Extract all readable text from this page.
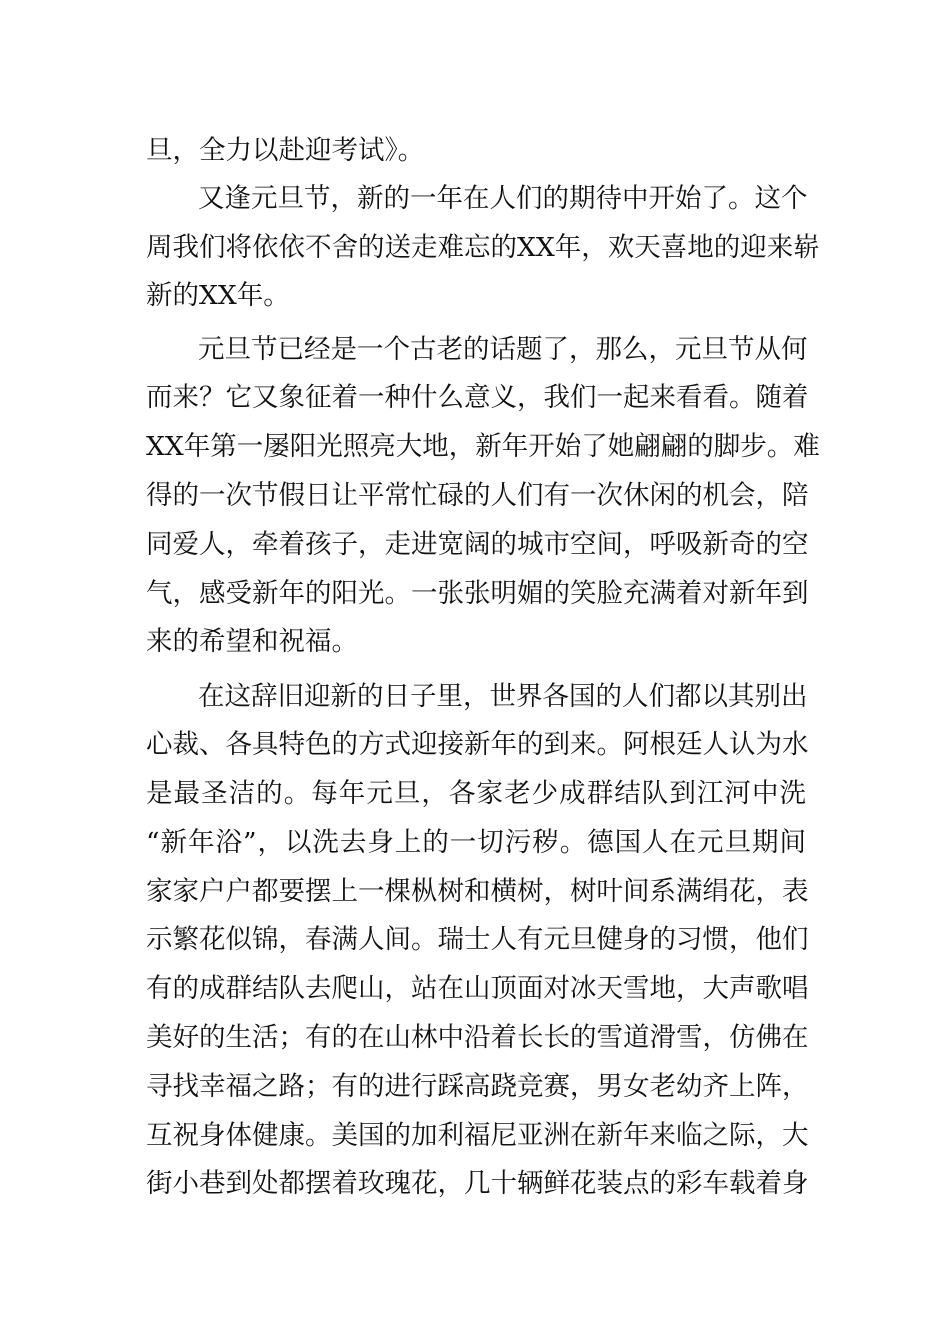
旦，全力以赴迎考试》。
又逢元旦节，新的一年在人们的期待中开始了。这个
周我们将依依不舍的送走难忘的XX年，欢天喜地的迎来崭
新的XX年。
元旦节已经是一个古老的话题了，那么，元旦节从何
而来？它又象征着一种什么意义，我们一起来看看。随着
XX年第一屡阳光照亮大地，新年开始了她翩翩的脚步。难
得的一次节假日让平常忙碌的人们有一次休闲的机会，陪
同爱人，牵着孩子，走进宽阔的城市空间，呼吸新奇的空
气，感受新年的阳光。一张张明媚的笑脸充满着对新年到
来的希望和祝福。
在这辞旧迎新的日子里，世界各国的人们都以其别出
心裁、各具特色的方式迎接新年的到来。阿根廷人认为水
是最圣洁的。每年元旦，各家老少成群结队到江河中洗
“新年浴”，以洗去身上的一切污秽。德国人在元旦期间
家家户户都要摆上一棵枞树和横树，树叶间系满绢花，表
示繁花似锦，春满人间。瑞士人有元旦健身的习惯，他们
有的成群结队去爬山，站在山顶面对冰天雪地，大声歌唱
美好的生活；有的在山林中沿着长长的雪道滑雪，仿佛在
寻找幸福之路；有的进行踩高跷竞赛，男女老幼齐上阵，
互祝身体健康。美国的加利福尼亚洲在新年来临之际，大
街小巷到处都摆着玫瑰花，几十辆鲜花装点的彩车载着身
